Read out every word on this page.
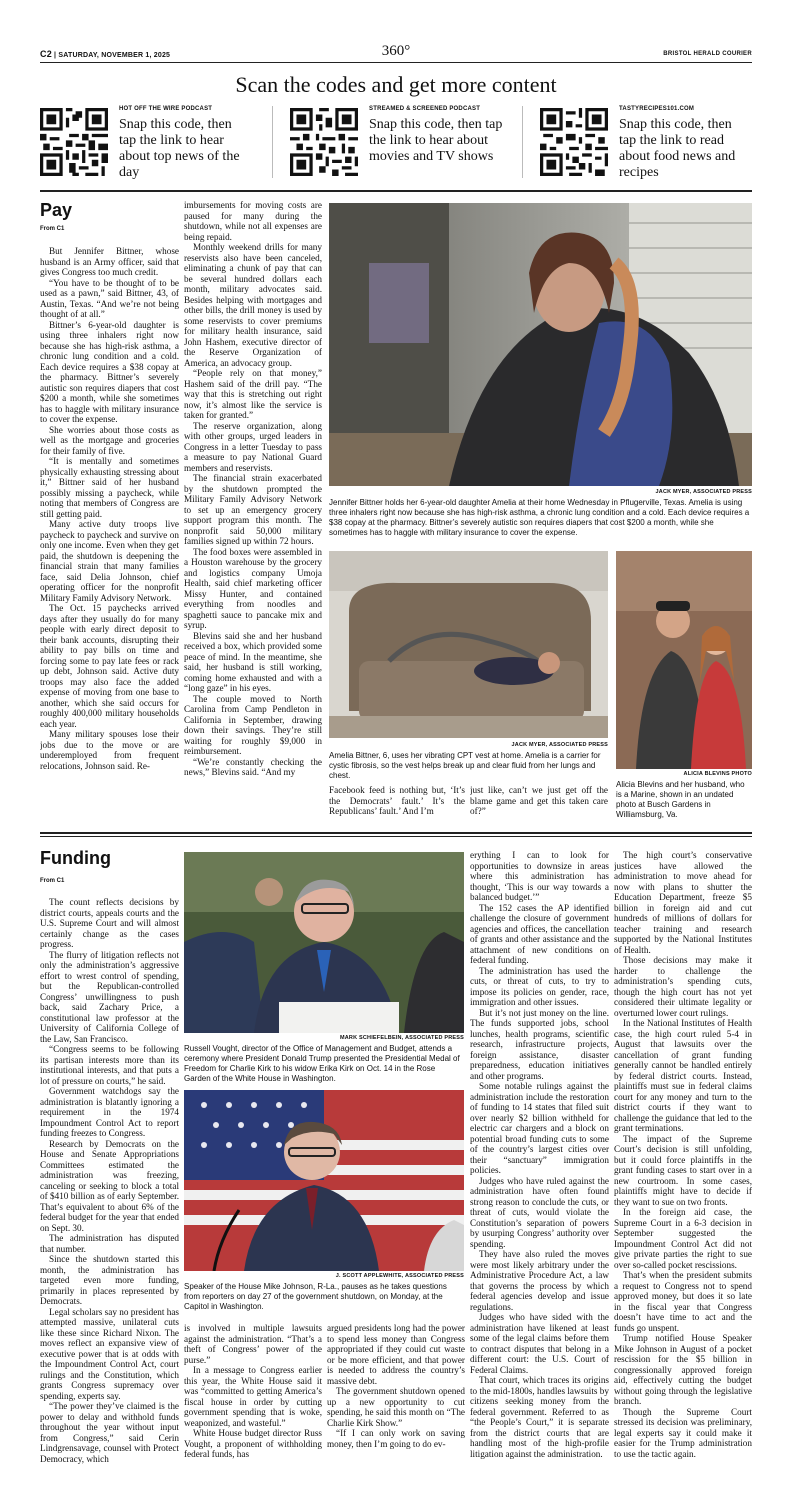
C2 | SATURDAY, NOVEMBER 1, 2025	360°	BRISTOL HERALD COURIER
Scan the codes and get more content
HOT OFF THE WIRE PODCAST
Snap this code, then tap the link to hear about top news of the day
STREAMED & SCREENED PODCAST
Snap this code, then tap the link to hear about movies and TV shows
TASTYRECIPES101.COM
Snap this code, then tap the link to read about food news and recipes
Pay
From C1

But Jennifer Bittner, whose husband is an Army officer, said that gives Congress too much credit.

“You have to be thought of to be used as a pawn,” said Bittner, 43, of Austin, Texas. “And we’re not being thought of at all.”

Bittner’s 6-year-old daughter is using three inhalers right now because she has high-risk asthma, a chronic lung condition and a cold. Each device requires a $38 copay at the pharmacy. Bittner’s severely autistic son requires diapers that cost $200 a month, while she sometimes has to haggle with military insurance to cover the expense.

She worries about those costs as well as the mortgage and groceries for their family of five.

“It is mentally and sometimes physically exhausting stressing about it,” Bittner said of her husband possibly missing a paycheck, while noting that members of Congress are still getting paid.

Many active duty troops live paycheck to paycheck and survive on only one income. Even when they get paid, the shutdown is deepening the financial strain that many families face, said Delia Johnson, chief operating officer for the nonprofit Military Family Advisory Network.

The Oct. 15 paychecks arrived days after they usually do for many people with early direct deposit to their bank accounts, disrupting their ability to pay bills on time and forcing some to pay late fees or rack up debt, Johnson said. Active duty troops may also face the added expense of moving from one base to another, which she said occurs for roughly 400,000 military households each year.

Many military spouses lose their jobs due to the move or are underemployed from frequent relocations, Johnson said. Re-

imbursements for moving costs are paused for many during the shutdown, while not all expenses are being repaid.

Monthly weekend drills for many reservists also have been canceled, eliminating a chunk of pay that can be several hundred dollars each month, military advocates said. Besides helping with mortgages and other bills, the drill money is used by some reservists to cover premiums for military health insurance, said John Hashem, executive director of the Reserve Organization of America, an advocacy group.

“People rely on that money,” Hashem said of the drill pay. “The way that this is stretching out right now, it’s almost like the service is taken for granted.”

The reserve organization, along with other groups, urged leaders in Congress in a letter Tuesday to pass a measure to pay National Guard members and reservists.

The financial strain exacerbated by the shutdown prompted the Military Family Advisory Network to set up an emergency grocery support program this month. The nonprofit said 50,000 military families signed up within 72 hours.

The food boxes were assembled in a Houston warehouse by the grocery and logistics company Umoja Health, said chief marketing officer Missy Hunter, and contained everything from noodles and spaghetti sauce to pancake mix and syrup.

Blevins said she and her husband received a box, which provided some peace of mind. In the meantime, she said, her husband is still working, coming home exhausted and with a “long gaze” in his eyes.

The couple moved to North Carolina from Camp Pendleton in California in September, drawing down their savings. They’re still waiting for roughly $9,000 in reimbursement.

“We’re constantly checking the news,” Blevins said. “And my

JACK MYER, ASSOCIATED PRESS
Jennifer Bittner holds her 6-year-old daughter Amelia at their home Wednesday in Pflugerville, Texas. Amelia is using three inhalers right now because she has high-risk asthma, a chronic lung condition and a cold. Each device requires a $38 copay at the pharmacy. Bittner’s severely autistic son requires diapers that cost $200 a month, while she sometimes has to haggle with military insurance to cover the expense.
JACK MYER, ASSOCIATED PRESS
Amelia Bittner, 6, uses her vibrating CPT vest at home. Amelia is a carrier for cystic fibrosis, so the vest helps break up and clear fluid from her lungs and chest.	ALICIA BLEVINS PHOTO
Alicia Blevins and her husband, who is a Marine, shown in an undated photo at Busch Gardens in Williamsburg, Va.

Facebook feed is nothing but, ‘It’s the Democrats’ fault.’ It’s the Republicans’ fault.’ And I’m

just like, can’t we just get off the blame game and get this taken care of?”

Funding
From C1

The count reflects decisions by district courts, appeals courts and the U.S. Supreme Court and will almost certainly change as the cases progress.

The flurry of litigation reflects not only the administration’s aggressive effort to wrest control of spending, but the Republican-controlled Congress’ unwillingness to push back, said Zachary Price, a constitutional law professor at the University of California College of the Law, San Francisco.

“Congress seems to be following its partisan interests more than its institutional interests, and that puts a lot of pressure on courts,” he said.

Government watchdogs say the administration is blatantly ignoring a requirement in the 1974 Impoundment Control Act to report funding freezes to Congress.

Research by Democrats on the House and Senate Appropriations Committees estimated the administration was freezing, canceling or seeking to block a total of $410 billion as of early September. That’s equivalent to about 6% of the federal budget for the year that ended on Sept. 30.

The administration has disputed that number.

Since the shutdown started this month, the administration has targeted even more funding, primarily in places represented by Democrats.

Legal scholars say no president has attempted massive, unilateral cuts like these since Richard Nixon. The moves reflect an expansive view of executive power that is at odds with the Impoundment Control Act, court rulings and the Constitution, which grants Congress supremacy over spending, experts say.

“The power they’ve claimed is the power to delay and withhold funds throughout the year without input from Congress,” said Cerin Lindgrensavage, counsel with Protect Democracy, which

MARK SCHIEFELBEIN, ASSOCIATED PRESS
Russell Vought, director of the Office of Management and Budget, attends a ceremony where President Donald Trump presented the Presidential Medal of Freedom for Charlie Kirk to his widow Erika Kirk on Oct. 14 in the Rose Garden of the White House in Washington.
J. SCOTT APPLEWHITE, ASSOCIATED PRESS
Speaker of the House Mike Johnson, R-La., pauses as he takes questions from reporters on day 27 of the government shutdown, on Monday, at the Capitol in Washington.

is involved in multiple lawsuits against the administration. “That’s a theft of Congress’ power of the purse.”

In a message to Congress earlier this year, the White House said it was “committed to getting America’s fiscal house in order by cutting government spending that is woke, weaponized, and wasteful.”

White House budget director Russ Vought, a proponent of withholding federal funds, has

argued presidents long had the power to spend less money than Congress appropriated if they could cut waste or be more efficient, and that power is needed to address the country’s massive debt.

The government shutdown opened up a new opportunity to cut spending, he said this month on “The Charlie Kirk Show.”

“If I can only work on saving money, then I’m going to do ev-

erything I can to look for opportunities to downsize in areas where this administration has thought, ‘This is our way towards a balanced budget.’”

The 152 cases the AP identified challenge the closure of government agencies and offices, the cancellation of grants and other assistance and the attachment of new conditions on federal funding.

The administration has used the cuts, or threat of cuts, to try to impose its policies on gender, race, immigration and other issues.

But it’s not just money on the line. The funds supported jobs, school lunches, health programs, scientific research, infrastructure projects, foreign assistance, disaster preparedness, education initiatives and other programs.

Some notable rulings against the administration include the restoration of funding to 14 states that filed suit over nearly $2 billion withheld for electric car chargers and a block on potential broad funding cuts to some of the country’s largest cities over their “sanctuary” immigration policies.

Judges who have ruled against the administration have often found strong reason to conclude the cuts, or threat of cuts, would violate the Constitution’s separation of powers by usurping Congress’ authority over spending.

They have also ruled the moves were most likely arbitrary under the Administrative Procedure Act, a law that governs the process by which federal agencies develop and issue regulations.

Judges who have sided with the administration have likened at least some of the legal claims before them to contract disputes that belong in a different court: the U.S. Court of Federal Claims.

That court, which traces its origins to the mid-1800s, handles lawsuits by citizens seeking money from the federal government. Referred to as “the People’s Court,” it is separate from the district courts that are handling most of the high-profile litigation against the administration.

The high court’s conservative justices have allowed the administration to move ahead for now with plans to shutter the Education Department, freeze $5 billion in foreign aid and cut hundreds of millions of dollars for teacher training and research supported by the National Institutes of Health.

Those decisions may make it harder to challenge the administration’s spending cuts, though the high court has not yet considered their ultimate legality or overturned lower court rulings.

In the National Institutes of Health case, the high court ruled 5-4 in August that lawsuits over the cancellation of grant funding generally cannot be handled entirely by federal district courts. Instead, plaintiffs must sue in federal claims court for any money and turn to the district courts if they want to challenge the guidance that led to the grant terminations.

The impact of the Supreme Court’s decision is still unfolding, but it could force plaintiffs in the grant funding cases to start over in a new courtroom. In some cases, plaintiffs might have to decide if they want to sue on two fronts.

In the foreign aid case, the Supreme Court in a 6-3 decision in September suggested the Impoundment Control Act did not give private parties the right to sue over so-called pocket rescissions.

That’s when the president submits a request to Congress not to spend approved money, but does it so late in the fiscal year that Congress doesn’t have time to act and the funds go unspent.

Trump notified House Speaker Mike Johnson in August of a pocket rescission for the $5 billion in congressionally approved foreign aid, effectively cutting the budget without going through the legislative branch.

Though the Supreme Court stressed its decision was preliminary, legal experts say it could make it easier for the Trump administration to use the tactic again.
